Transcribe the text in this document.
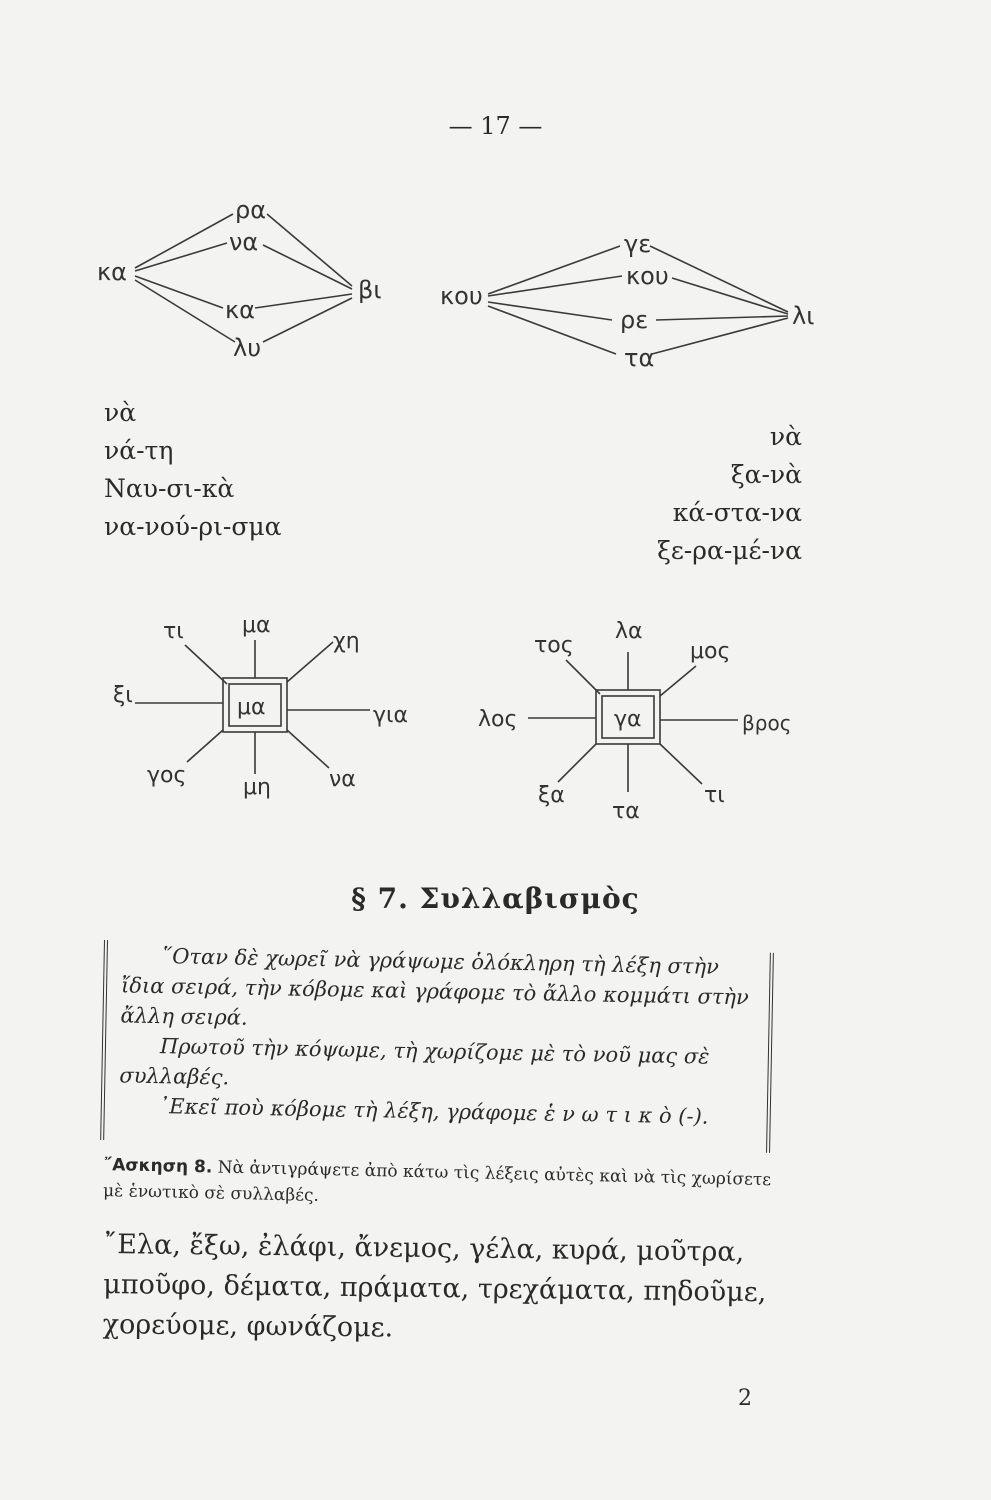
— 17 —
κα
ρα
να
κα
λυ
βι κου
γε
κου
ρε
τα
λι
νὰ
νά-τη
Ναυ-σι-κὰ
να-νού-ρι-σμα
νὰ
ξα-νὰ
κά-στα-να
ξε-ρα-μέ-να
μα
μα
τι	χη
ξι
για
γος	μη	να
γα
λα
τος	μος
λος	βρος
ξα
τα
τι
§ 7. Συλλαβισμὸς

῞Οταν δὲ χωρεῖ νὰ γράψωμε ὁλόκληρη τὴ λέξη στὴν ἴδια σειρά, τὴν κόβομε καὶ γράφομε τὸ ἄλλο κομμάτι στὴν ἄλλη σειρά.

Πρωτοῦ τὴν κόψωμε, τὴ χωρίζομε μὲ τὸ νοῦ μας σὲ συλλαβές.

᾿Εκεῖ ποὺ κόβομε τὴ λέξη, γράφομε ἑ ν ω τ ι κ ὸ (-).

῎Ασκηση 8. Νὰ ἀντιγράψετε ἀπὸ κάτω τὶς λέξεις αὐτὲς καὶ νὰ τὶς χωρίσετε μὲ ἑνωτικὸ σὲ συλλαβές.
῎Ελα, ἔξω, ἐλάφι, ἄνεμος, γέλα, κυρά, μοῦτρα, μποῦφο, δέματα, πράματα, τρεχάματα, πηδοῦμε, χορεύομε, φωνάζομε.
2
